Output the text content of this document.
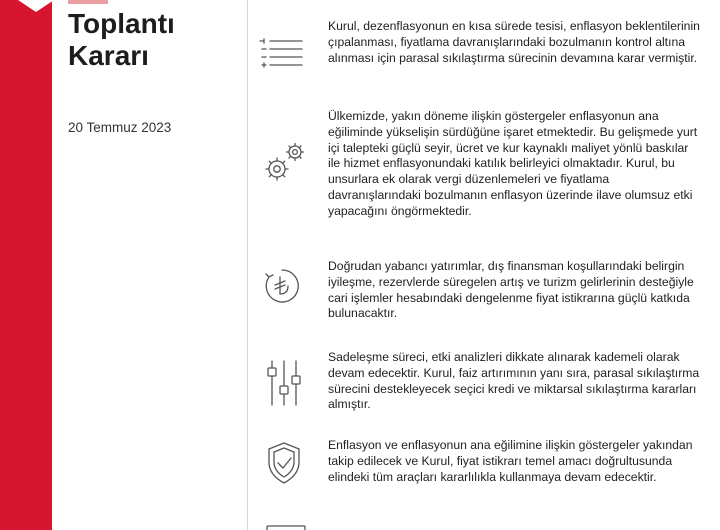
Toplantı
Kararı
20 Temmuz 2023

Kurul, dezenflasyonun en kısa sürede tesisi, enflasyon beklentilerinin çıpalanması, fiyatlama davranışlarındaki bozulmanın kontrol altına alınması için parasal sıkılaştırma sürecinin devamına karar vermiştir.

Ülkemizde, yakın döneme ilişkin göstergeler enflasyonun ana eğiliminde yükselişin sürdüğüne işaret etmektedir. Bu gelişmede yurt içi talepteki güçlü seyir, ücret ve kur kaynaklı maliyet yönlü baskılar ile hizmet enflasyonundaki katılık belirleyici olmaktadır. Kurul, bu unsurlara ek olarak vergi düzenlemeleri ve fiyatlama davranışlarındaki bozulmanın enflasyon üzerinde ilave olumsuz etki yapacağını öngörmektedir.

Doğrudan yabancı yatırımlar, dış finansman koşullarındaki belirgin iyileşme, rezervlerde süregelen artış ve turizm gelirlerinin desteğiyle cari işlemler hesabındaki dengelenme fiyat istikrarına güçlü katkıda bulunacaktır.

Sadeleşme süreci, etki analizleri dikkate alınarak kademeli olarak devam edecektir. Kurul, faiz artırımının yanı sıra, parasal sıkılaştırma sürecini destekleyecek seçici kredi ve miktarsal sıkılaştırma kararları almıştır.

Enflasyon ve enflasyonun ana eğilimine ilişkin göstergeler yakından takip edilecek ve Kurul, fiyat istikrarı temel amacı doğrultusunda elindeki tüm araçları kararlılıkla kullanmaya devam edecektir.
